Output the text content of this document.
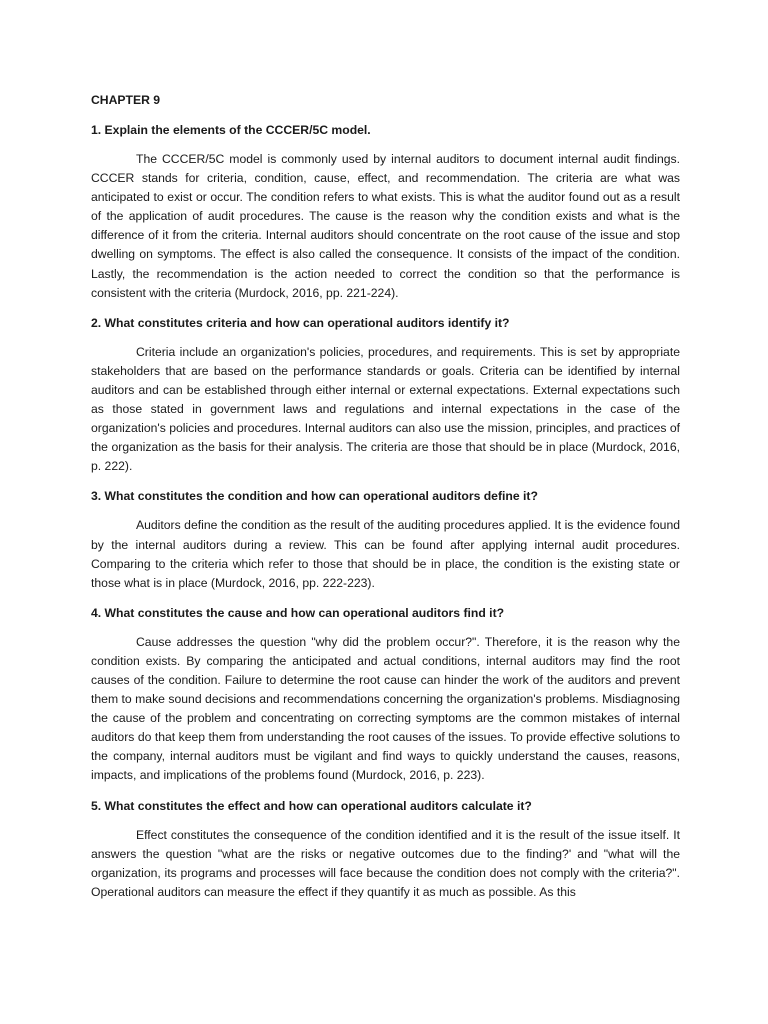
CHAPTER 9
1. Explain the elements of the CCCER/5C model.

The CCCER/5C model is commonly used by internal auditors to document internal audit findings. CCCER stands for criteria, condition, cause, effect, and recommendation. The criteria are what was anticipated to exist or occur. The condition refers to what exists. This is what the auditor found out as a result of the application of audit procedures. The cause is the reason why the condition exists and what is the difference of it from the criteria. Internal auditors should concentrate on the root cause of the issue and stop dwelling on symptoms. The effect is also called the consequence. It consists of the impact of the condition. Lastly, the recommendation is the action needed to correct the condition so that the performance is consistent with the criteria (Murdock, 2016, pp. 221-224).

2. What constitutes criteria and how can operational auditors identify it?

Criteria include an organization's policies, procedures, and requirements. This is set by appropriate stakeholders that are based on the performance standards or goals. Criteria can be identified by internal auditors and can be established through either internal or external expectations. External expectations such as those stated in government laws and regulations and internal expectations in the case of the organization's policies and procedures. Internal auditors can also use the mission, principles, and practices of the organization as the basis for their analysis. The criteria are those that should be in place (Murdock, 2016, p. 222).

3. What constitutes the condition and how can operational auditors define it?

Auditors define the condition as the result of the auditing procedures applied. It is the evidence found by the internal auditors during a review. This can be found after applying internal audit procedures. Comparing to the criteria which refer to those that should be in place, the condition is the existing state or those what is in place (Murdock, 2016, pp. 222-223).

4. What constitutes the cause and how can operational auditors find it?

Cause addresses the question "why did the problem occur?". Therefore, it is the reason why the condition exists. By comparing the anticipated and actual conditions, internal auditors may find the root causes of the condition. Failure to determine the root cause can hinder the work of the auditors and prevent them to make sound decisions and recommendations concerning the organization's problems. Misdiagnosing the cause of the problem and concentrating on correcting symptoms are the common mistakes of internal auditors do that keep them from understanding the root causes of the issues. To provide effective solutions to the company, internal auditors must be vigilant and find ways to quickly understand the causes, reasons, impacts, and implications of the problems found (Murdock, 2016, p. 223).

5. What constitutes the effect and how can operational auditors calculate it?

Effect constitutes the consequence of the condition identified and it is the result of the issue itself. It answers the question "what are the risks or negative outcomes due to the finding?' and "what will the organization, its programs and processes will face because the condition does not comply with the criteria?". Operational auditors can measure the effect if they quantify it as much as possible. As this
